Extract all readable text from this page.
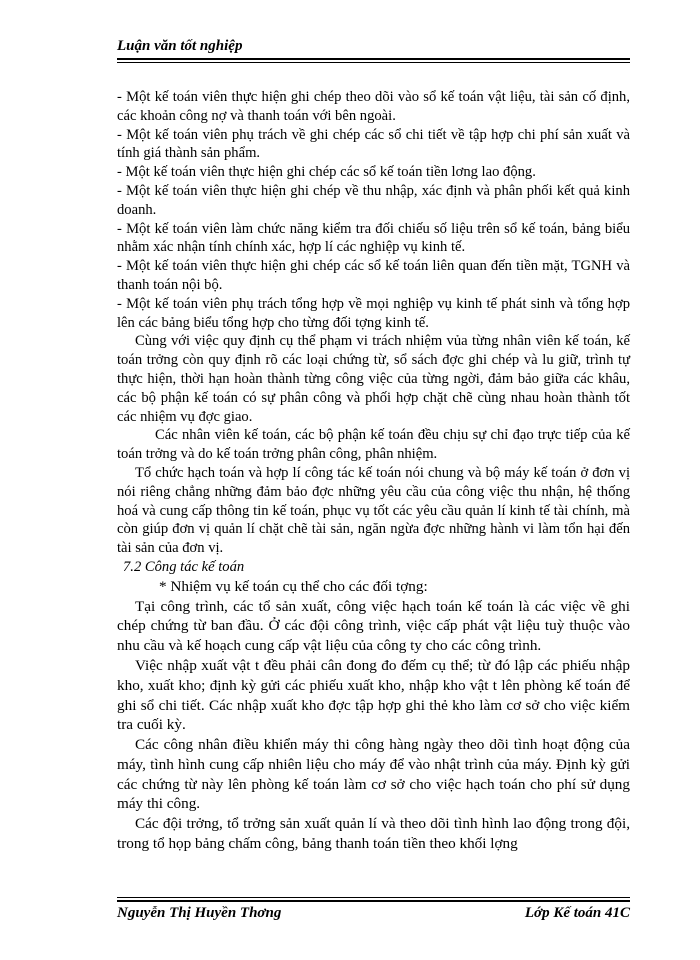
Luận văn tốt nghiệp

- Một kế toán viên thực hiện ghi chép theo dõi vào sổ kế toán vật liệu, tài sản cố định, các khoản công nợ và thanh toán với bên ngoài.

- Một kế toán viên phụ trách về ghi chép các sổ chi tiết về tập hợp chi phí sản xuất và tính giá thành sản phẩm.

- Một kế toán viên thực hiện ghi chép các sổ kế toán tiền lơng lao động.

- Một kế toán viên thực hiện ghi chép về thu nhập, xác định và phân phối kết quả kinh doanh.

- Một kế toán viên làm chức năng kiểm tra đối chiếu số liệu trên sổ kế toán, bảng biểu nhằm xác nhận tính chính xác, hợp lí các nghiệp vụ kinh tế.

- Một kế toán viên thực hiện ghi chép các sổ kế toán liên quan đến tiền mặt, TGNH và thanh toán nội bộ.

- Một kế toán viên phụ trách tổng hợp về mọi nghiệp vụ kinh tế phát sinh và tổng hợp lên các bảng biểu tổng hợp cho từng đối tợng kinh tế.

Cùng với việc quy định cụ thể phạm vi trách nhiệm vủa từng nhân viên kế toán, kế toán trởng còn quy định rõ các loại chứng từ, sổ sách đợc ghi chép và lu giữ, trình tự thực hiện, thời hạn hoàn thành từng công việc của từng ngời, đảm bảo giữa các khâu, các bộ phận kế toán có sự phân công và phối hợp chặt chẽ cùng nhau hoàn thành tốt các nhiệm vụ đợc giao.

Các nhân viên kế toán, các bộ phận kế toán đều chịu sự chỉ đạo trực tiếp của kế toán trởng và do kế toán trởng phân công, phân nhiệm.

Tổ chức hạch toán và hợp lí công tác kế toán nói chung và bộ máy kế toán ở đơn vị nói riêng chẳng những đảm bảo đợc những yêu cầu của công việc thu nhận, hệ thống hoá và cung cấp thông tin kế toán, phục vụ tốt các yêu cầu quản lí kinh tế tài chính, mà còn giúp đơn vị quản lí chặt chẽ tài sản, ngăn ngừa đợc những hành vi làm tổn hại đến tài sản của đơn vị.

7.2 Công tác kế toán

* Nhiệm vụ kế toán cụ thể cho các đối tợng:

Tại công trình, các tổ sản xuất, công việc hạch toán kế toán là các việc về ghi chép chứng từ ban đầu. Ở các đội công trình, việc cấp phát vật liệu tuỳ thuộc vào nhu cầu và kế hoạch cung cấp vật liệu của công ty cho các công trình.

Việc nhập xuất vật t đều phải cân đong đo đếm cụ thể; từ đó lập các phiếu nhập kho, xuất kho; định kỳ gửi các phiếu xuất kho, nhập kho vật t lên phòng kế toán để ghi sổ chi tiết. Các nhập xuất kho đợc tập hợp ghi thẻ kho làm cơ sở cho việc kiểm tra cuối kỳ.

Các công nhân điều khiển máy thi công hàng ngày theo dõi tình hoạt động của máy, tình hình cung cấp nhiên liệu cho máy để vào nhật trình của máy. Định kỳ gửi các chứng từ này lên phòng kế toán làm cơ sở cho việc hạch toán cho phí sử dụng máy thi công.

Các đội trởng, tổ trởng sản xuất quản lí và theo dõi tình hình lao động trong đội, trong tổ họp bảng chấm công, bảng thanh toán tiền theo khối lợng

Nguyễn Thị Huyền Thơng	Lớp Kế toán 41C
